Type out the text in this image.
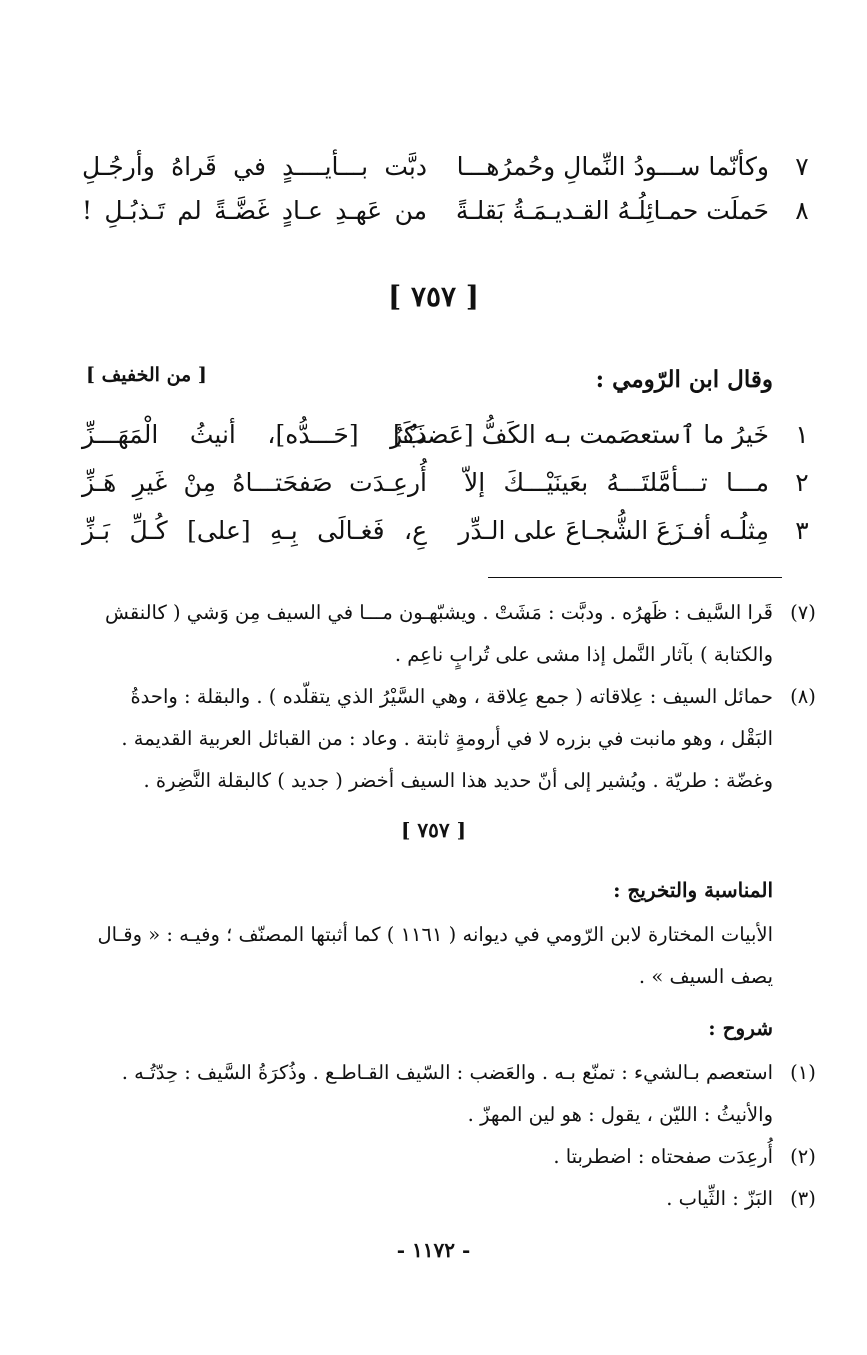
٧
وكأنّما ســـودُ النِّمالِ وحُمرُهـــا
دبَّت بـــأيــــدٍ في قَراهُ وأرجُـلِ
٨
حَملَت حمـائِلُـهُ القـديـمَـةُ بَقلـةً
من عَهـدِ عـادٍ غَضَّـةً لم تَـذبُـلِ !
[ ٧٥٧ ]
وقال ابن الرّومي :
[ من الخفيف ]
١
خَيرُ ما ٱستعصَمت بـه الكَفُّ [عَضبٌ]
ذَكَرٌ [حَـــدُّه]، أنيثُ الْمَهَـــزِّ
٢
مـــا تـــأمَّلتَـــهُ بعَينَيْـــكَ إلاّ
أُرعِـدَت صَفحَتـــاهُ مِنْ غَيرِ هَـزِّ
٣
مِثلُـه أفـزَعَ الشُّجـاعَ على الـدِّر
عِ، فَغـالَى بِـهِ [على] كُـلِّ بَـزِّ
(٧)

قَرا السَّيف : ظَهرُه . ودبَّت : مَشَتْ . ويشبّهـون مـــا في السيف مِن وَشي ( كالنقش

والكتابة ) بآثار النَّمل إذا مشى على تُرابٍ ناعِم .

(٨)

حمائل السيف : عِلاقاته ( جمع عِلاقة ، وهي السَّيْرُ الذي يتقلّده ) . والبقلة : واحدةُ

البَقْل ، وهو مانبت في بزره لا في أرومةٍ ثابتة . وعاد : من القبائل العربية القديمة .

وغضّة : طريّة . ويُشير إلى أنّ حديد هذا السيف أخضر ( جديد ) كالبقلة النَّضِرة .

[ ٧٥٧ ]
المناسبة والتخريج :

الأبيات المختارة لابن الرّومي في ديوانه ( ١١٦١ ) كما أثبتها المصنّف ؛ وفيـه : « وقـال

يصف السيف » .

شروح :
(١)

استعصم بـالشيء : تمنّع بـه . والعَضب : السّيف القـاطـع . وذُكرَةُ السَّيف : حِدّتُـه .

والأنيثُ : الليّن ، يقول : هو لين المهزّ .

(٢)

أُرعِدَت صفحتاه : اضطربتا .

(٣)

البَزّ : الثِّياب .

- ١١٧٢ -
